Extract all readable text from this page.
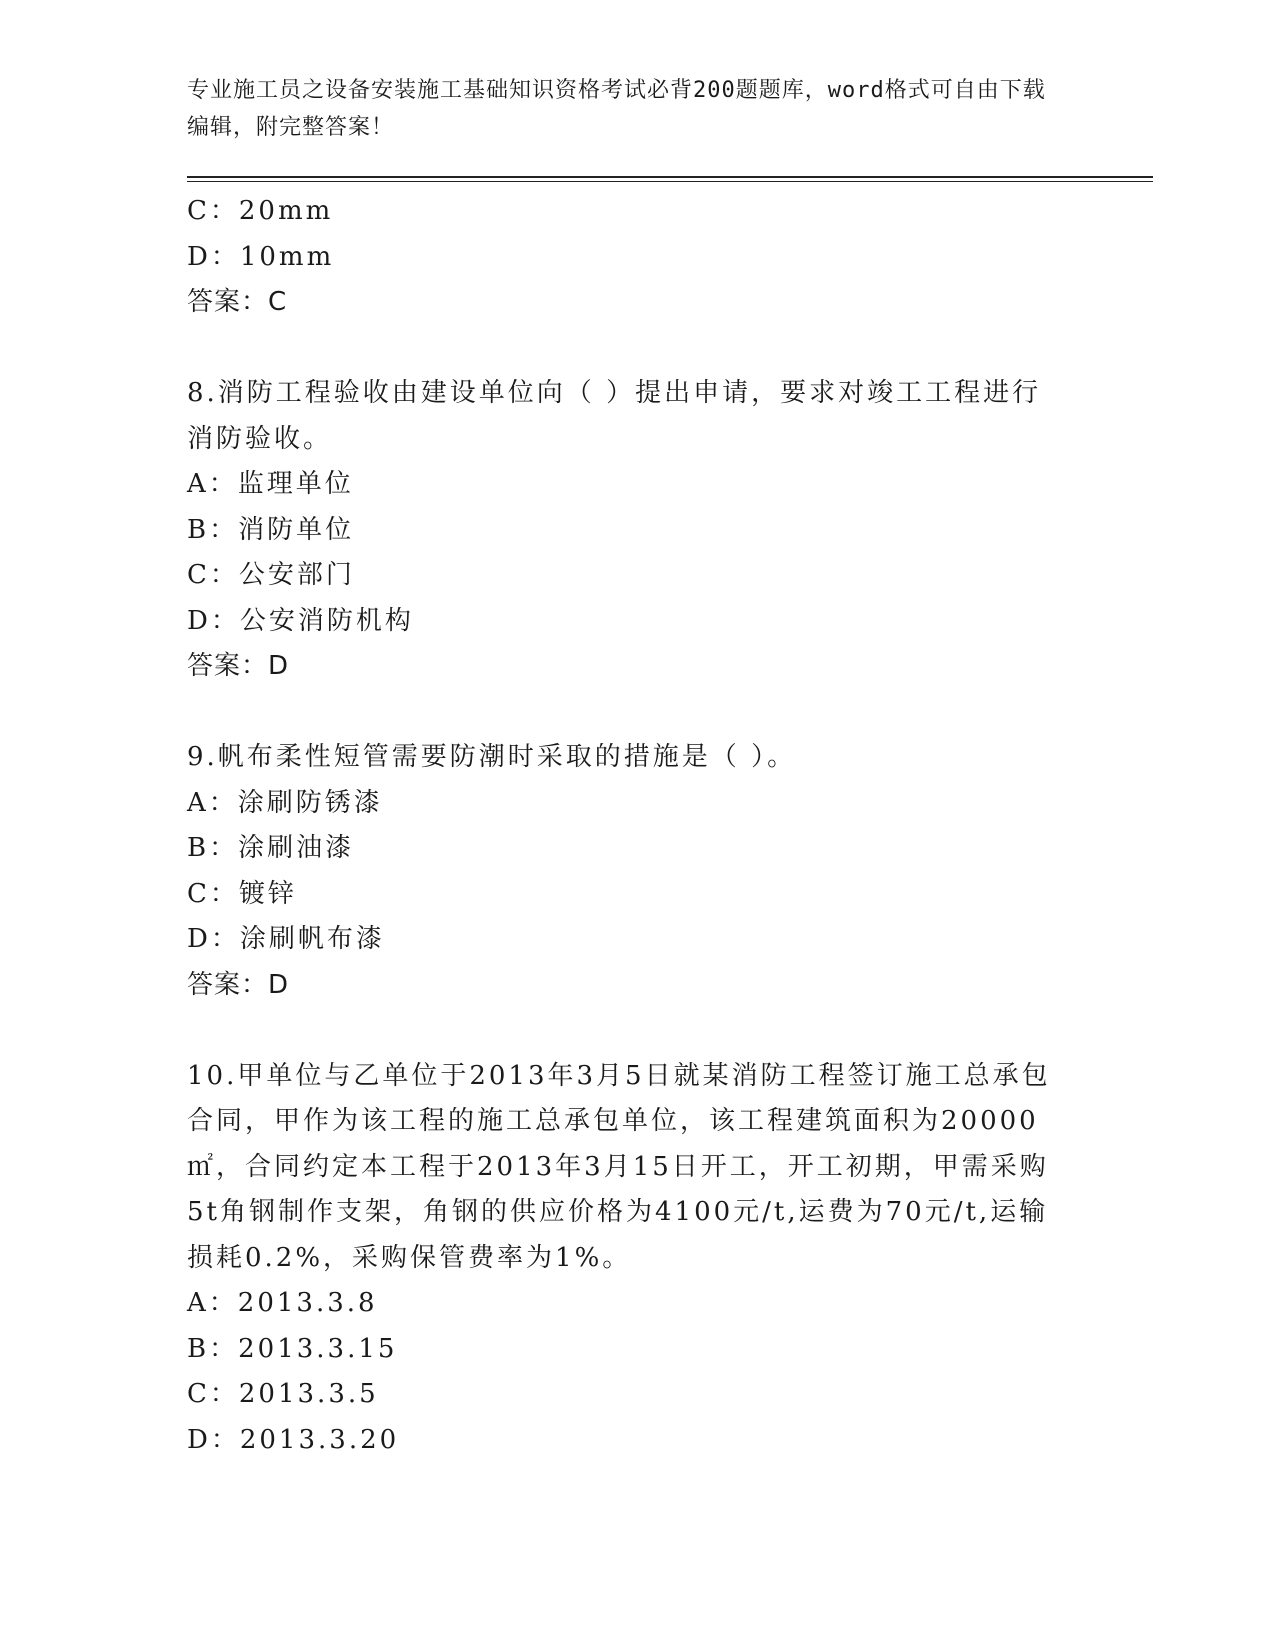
专业施工员之设备安装施工基础知识资格考试必背200题题库，word格式可自由下载编辑，附完整答案！
C：20mm
D：10mm
答案：C
8.消防工程验收由建设单位向（ ）提出申请，要求对竣工工程进行消防验收。
A：监理单位
B：消防单位
C：公安部门
D：公安消防机构
答案：D
9.帆布柔性短管需要防潮时采取的措施是（ ）。
A：涂刷防锈漆
B：涂刷油漆
C：镀锌
D：涂刷帆布漆
答案：D
10.甲单位与乙单位于2013年3月5日就某消防工程签订施工总承包合同，甲作为该工程的施工总承包单位，该工程建筑面积为20000㎡，合同约定本工程于2013年3月15日开工，开工初期，甲需采购5t角钢制作支架，角钢的供应价格为4100元/t,运费为70元/t,运输损耗0.2%，采购保管费率为1%。
A：2013.3.8
B：2013.3.15
C：2013.3.5
D：2013.3.20
